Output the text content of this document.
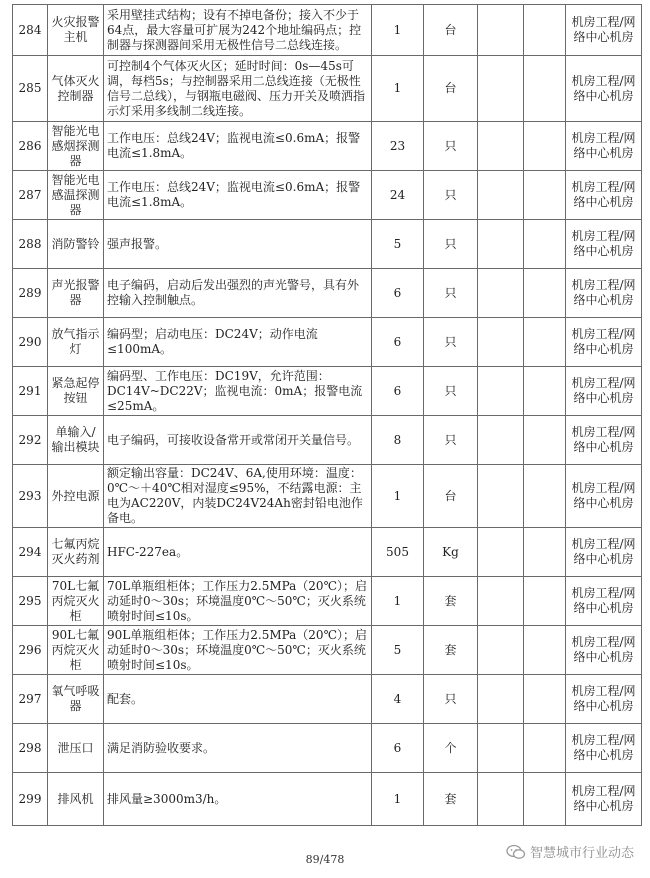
284	火灾报警主机	采用壁挂式结构；设有不掉电备份；接入不少于64点，最大容量可扩展为242个地址编码点；控制器与探测器间采用无极性信号二总线连接。	1	台			机房工程/网络中心机房
285	气体灭火控制器	可控制4个气体灭火区；延时时间：0s—45s可调，每档5s；与控制器采用二总线连接（无极性信号二总线），与钢瓶电磁阀、压力开关及喷洒指示灯采用多线制二线连接。	1	台			机房工程/网络中心机房
286	智能光电感烟探测器	工作电压：总线24V；监视电流≤0.6mA；报警电流≤1.8mA。	23	只			机房工程/网络中心机房
287	智能光电感温探测器	工作电压：总线24V；监视电流≤0.6mA；报警电流≤1.8mA。	24	只			机房工程/网络中心机房
288	消防警铃	强声报警。	5	只			机房工程/网络中心机房
289	声光报警器	电子编码，启动后发出强烈的声光警号，具有外控输入控制触点。	6	只			机房工程/网络中心机房
290	放气指示灯	编码型；启动电压：DC24V；动作电流≤100mA。	6	只			机房工程/网络中心机房
291	紧急起停按钮	编码型、工作电压：DC19V，允许范围：DC14V~DC22V；监视电流：0mA；报警电流≤25mA。	6	只			机房工程/网络中心机房
292	单输入/输出模块	电子编码，可接收设备常开或常闭开关量信号。	8	只			机房工程/网络中心机房
293	外控电源	额定输出容量：DC24V、6A,使用环境：温度：0℃～＋40℃相对湿度≤95%，不结露电源：主电为AC220V，内装DC24V24Ah密封铅电池作备电。	1	台			机房工程/网络中心机房
294	七氟丙烷灭火药剂	HFC-227ea。	505	Kg			机房工程/网络中心机房
295	70L七氟丙烷灭火柜	70L单瓶组柜体；工作压力2.5MPa（20℃）；启动延时0～30s；环境温度0℃～50℃；灭火系统喷射时间≤10s。	1	套			机房工程/网络中心机房
296	90L七氟丙烷灭火柜	90L单瓶组柜体；工作压力2.5MPa（20℃）；启动延时0～30s；环境温度0℃～50℃；灭火系统喷射时间≤10s。	5	套			机房工程/网络中心机房
297	氧气呼吸器	配套。	4	只			机房工程/网络中心机房
298	泄压口	满足消防验收要求。	6	个			机房工程/网络中心机房
299	排风机	排风量≥3000m3/h。	1	套			机房工程/网络中心机房
89/478	智慧城市行业动态
